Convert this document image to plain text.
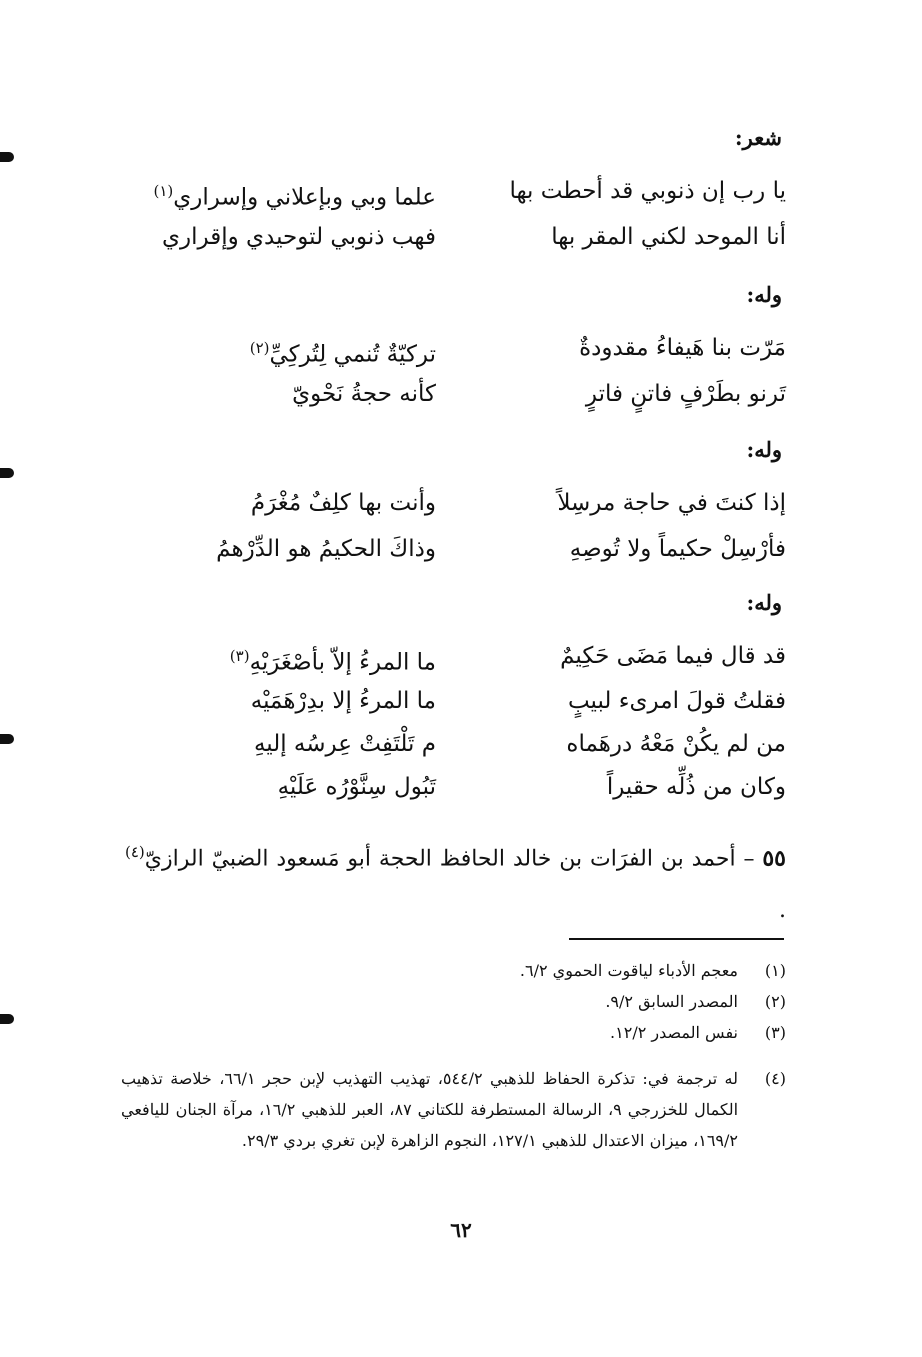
شعر:
يا رب إن ذنوبي قد أحطت بها
علما وبي وبإعلاني وإسراري$^{(١)}$
أنا الموحد لكني المقر بها
فهب ذنوبي لتوحيدي وإقراري
وله:
مَرّت بنا هَيفاءُ مقدودةٌ
تركيّةٌ تُنمي لِتُركِيِّ$^{(٢)}$
تَرنو بطَرْفٍ فاتنٍ فاترٍ
كأنه حجةُ نَحْويّ
وله:
إذا كنتَ في حاجة مرسِلاً
وأنت بها كلِفٌ مُغْرَمُ
فأرْسِلْ حكيماً ولا تُوصِهِ
وذاكَ الحكيمُ هو الدِّرْهمُ
وله:
قد قال فيما مَضَى حَكِيمٌ
ما المرءُ إلاّ بأصْغَرَيْهِ$^{(٣)}$
فقلتُ قولَ امرىء لبيبٍ
ما المرءُ إلا بدِرْهَمَيْه
من لم يكُنْ مَعْهُ درهَماه
م تَلْتَفِتْ عِرسُه إليهِ
وكان من ذُلِّه حقيراً
تَبُول سِنَّوْرُه عَلَيْهِ
٥٥ – أحمد بن الفرَات بن خالد الحافظ الحجة أبو مَسعود الضبيّ الرازيّ$^{(٤)}$ .
(١)
معجم الأدباء لياقوت الحموي ٦/٢.
(٢)
المصدر السابق ٩/٢.
(٣)
نفس المصدر ١٢/٢.
(٤)
له ترجمة في: تذكرة الحفاظ للذهبي ٥٤٤/٢، تهذيب التهذيب لإبن حجر ٦٦/١، خلاصة تذهيب الكمال للخزرجي ٩، الرسالة المستطرفة للكتاني ٨٧، العبر للذهبي ١٦/٢، مرآة الجنان لليافعي ١٦٩/٢، ميزان الاعتدال للذهبي ١٢٧/١، النجوم الزاهرة لإبن تغري بردي ٢٩/٣.
٦٢
